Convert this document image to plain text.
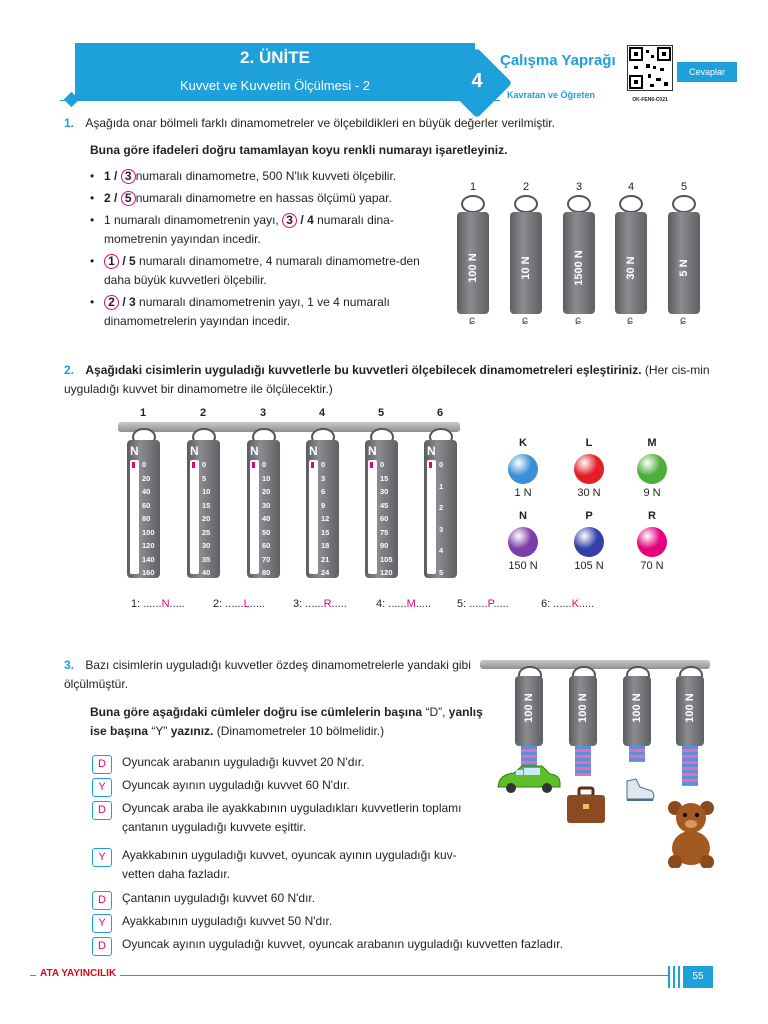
2. ÜNİTE
Kuvvet ve Kuvvetin Ölçülmesi - 2	4
Çalışma Yaprağı
Kavratan ve Öğreten	OK-FEN6-C021
Cevaplar
1. Aşağıda onar bölmeli farklı dinamometreler ve ölçebildikleri en büyük değerler verilmiştir.
Buna göre ifadeleri doğru tamamlayan koyu renkli numarayı işaretleyiniz.
• 1 / 3 numaralı dinamometre, 500 N'lık kuvveti ölçebilir.
• 2 / 5 numaralı dinamometre en hassas ölçümü yapar.
• 1 numaralı dinamometrenin yayı, 3 / 4 numaralı dina-mometrenin yayından incedir.
• 1 / 5 numaralı dinamometre, 4 numaralı dinamometre-den daha büyük kuvvetleri ölçebilir.
• 2 / 3 numaralı dinamometrenin yayı, 1 ve 4 numaralı dinamometrelerin yayından incedir.
1
100 N
ɕ
2
10 N
ɕ
3
1500 N
ɕ
4
30 N
ɕ
5
5 N
ɕ
2. Aşağıdaki cisimlerin uyguladığı kuvvetlerle bu kuvvetleri ölçebilecek dinamometreleri eşleştiriniz. (Her cis-min uyguladığı kuvvet bir dinamometre ile ölçülecektir.)
1
N
0
20
40
60
80
100
120
140
160
2
N
0
5
10
15
20
25
30
35
40
3
N
0
10
20
30
40
50
60
70
80
4
N
0
3
6
9
12
15
18
21
24
5
N
0
15
30
45
60
75
90
105
120
6
N
0
1
2
3
4
5
K
1 N
L
30 N
M
9 N
N
150 N
P
105 N
R
70 N
1: ......N.....	2: ......L.....	3: ......R.....	4: ......M..... 5: ......P.....	6: ......K.....
3. Bazı cisimlerin uyguladığı kuvvetler özdeş dinamometrelerle yandaki gibi ölçülmüştür.
Buna göre aşağıdaki cümleler doğru ise cümlelerin başına “D”, yanlış ise başına “Y” yazınız. (Dinamometreler 10 bölmelidir.)
D	Oyuncak arabanın uyguladığı kuvvet 20 N'dır.
Y	Oyuncak ayının uyguladığı kuvvet 60 N'dır.
D	Oyuncak araba ile ayakkabının uyguladıkları kuvvetlerin toplamı çantanın uyguladığı kuvvete eşittir.
Y	Ayakkabının uyguladığı kuvvet, oyuncak ayının uyguladığı kuv-vetten daha fazladır.
D	Çantanın uyguladığı kuvvet 60 N'dır.
Y	Ayakkabının uyguladığı kuvvet 50 N'dır.
D	Oyuncak ayının uyguladığı kuvvet, oyuncak arabanın uyguladığı kuvvetten fazladır.
100 N	100 N	100 N	100 N
ATA YAYINCILIK	55
